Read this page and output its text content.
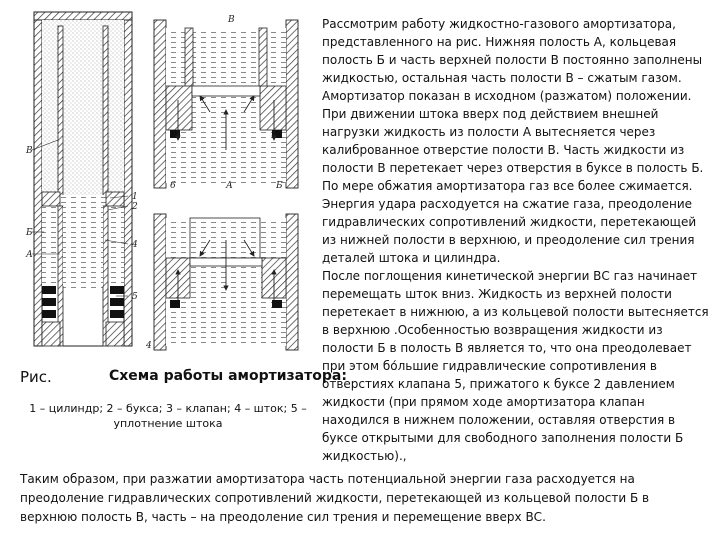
В
1
2
4
5
Б
А
В
А	Б
6
4
Рис.	Схема работы амортизатора:
1 – цилиндр; 2 – букса; 3 – клапан; 4 – шток; 5 – уплотнение штока
Рассмотрим работу жидкостно-газового амортизатора, представленного на рис. Нижняя полость А, кольцевая полость Б и часть верхней полости В постоянно заполнены жидкостью, остальная часть полости В – сжатым газом. Амортизатор показан в исходном (разжатом) положении. При движении штока вверх под действием внешней нагрузки жидкость из полости А вытесняется через калиброванное отверстие полости В. Часть жидкости из полости В перетекает через отверстия в буксе в полость Б. По мере обжатия амортизатора газ все более сжимается. Энергия удара расходуется на сжатие газа, преодоление гидравлических сопротивлений жидкости, перетекающей из нижней полости в верхнюю, и преодоление сил трения деталей штока и цилиндра.
После поглощения кинетической энергии ВС газ начинает перемещать шток вниз. Жидкость из верхней полости перетекает в нижнюю, а из кольцевой полости вытесняется в верхнюю .Особенностью возвращения жидкости из полости Б в полость В является то, что она преодолевает при этом бо́льшие гидравлические сопротивления в отверстиях клапана 5, прижатого к буксе 2 давлением жидкости (при прямом ходе амортизатора клапан находился в нижнем положении, оставляя отверстия в буксе открытыми для свободного заполнения полости Б жидкостью).,
Таким образом, при разжатии амортизатора часть потенциальной энергии газа расходуется на преодоление гидравлических сопротивлений жидкости, перетекающей из кольцевой полости Б в верхнюю полость В, часть – на преодоление сил трения и перемещение вверх ВС.
